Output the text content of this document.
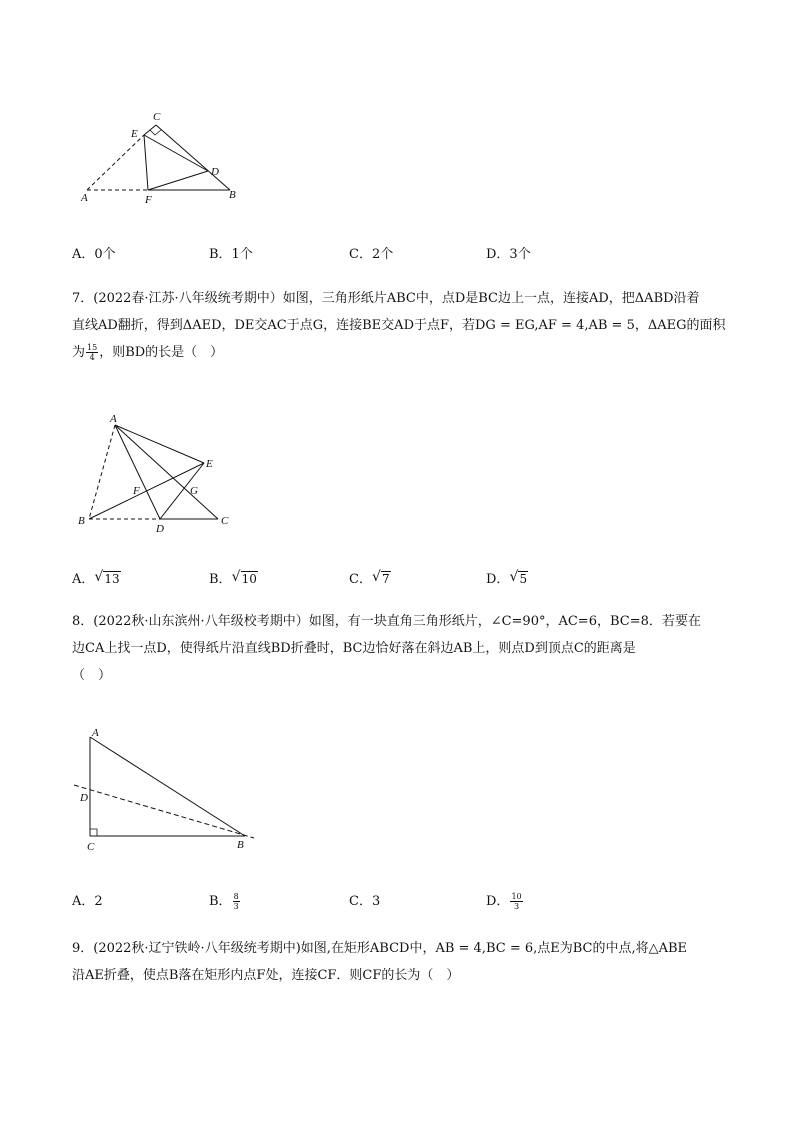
C
E
D
A	F	B
A．0个	B．1个	C．2个	D．3个
7．(2022春·江苏·八年级统考期中）如图，三角形纸片ABC中，点D是BC边上一点，连接AD，把ΔABD沿着
直线AD翻折，得到ΔAED，DE交AC于点G，连接BE交AD于点F，若DG = EG,AF = 4,AB = 5，ΔAEG的面积
为 $\frac{15}{4}$ ，则BD的长是（　）
A
E
F	G
B
D
C
A． √ 13	B． √ 10	C． √ 7	D． √ 5
8．(2022秋·山东滨州·八年级校考期中）如图，有一块直角三角形纸片，∠C=90°，AC=6，BC=8．若要在
边CA上找一点D，使得纸片沿直线BD折叠时，BC边恰好落在斜边AB上，则点D到顶点C的距离是
（　）
A
D
C	B
A．2	B． $\frac{8}{3}$	C．3	D． $\frac{10}{3}$
9．(2022秋·辽宁铁岭·八年级统考期中)如图,在矩形ABCD中，AB = 4,BC = 6,点E为BC的中点,将△ABE
沿AE折叠，使点B落在矩形内点F处，连接CF．则CF的长为（　）
